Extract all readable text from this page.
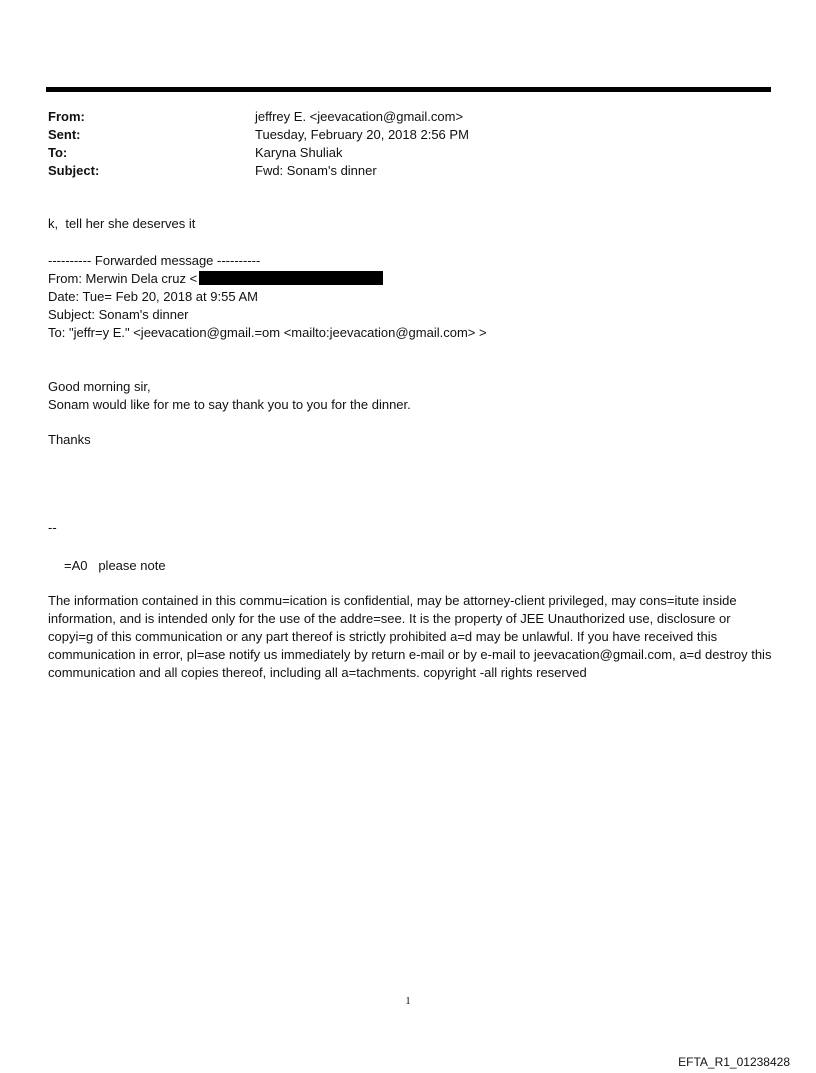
From:	jeffrey E. <jeevacation@gmail.com>
Sent:	Tuesday, February 20, 2018 2:56 PM
To:	Karyna Shuliak
Subject:	Fwd: Sonam's dinner
k,  tell her she deserves it
---------- Forwarded message ----------
From: Merwin Dela cruz <
Date: Tue= Feb 20, 2018 at 9:55 AM
Subject: Sonam's dinner
To: "jeffr=y E." <jeevacation@gmail.=om <mailto:jeevacation@gmail.com> >
Good morning sir,
Sonam would like for me to say thank you to you for the dinner.
Thanks
--
=A0   please note
The information contained in this commu=ication is confidential, may be attorney-client privileged, may cons=itute inside information, and is intended only for the use of the addre=see. It is the property of JEE Unauthorized use, disclosure or copyi=g of this communication or any part thereof is strictly prohibited a=d may be unlawful. If you have received this communication in error, pl=ase notify us immediately by return e-mail or by e-mail to jeevacation@gmail.com, a=d destroy this communication and all copies thereof, including all a=tachments. copyright -all rights reserved
1
EFTA_R1_01238428
